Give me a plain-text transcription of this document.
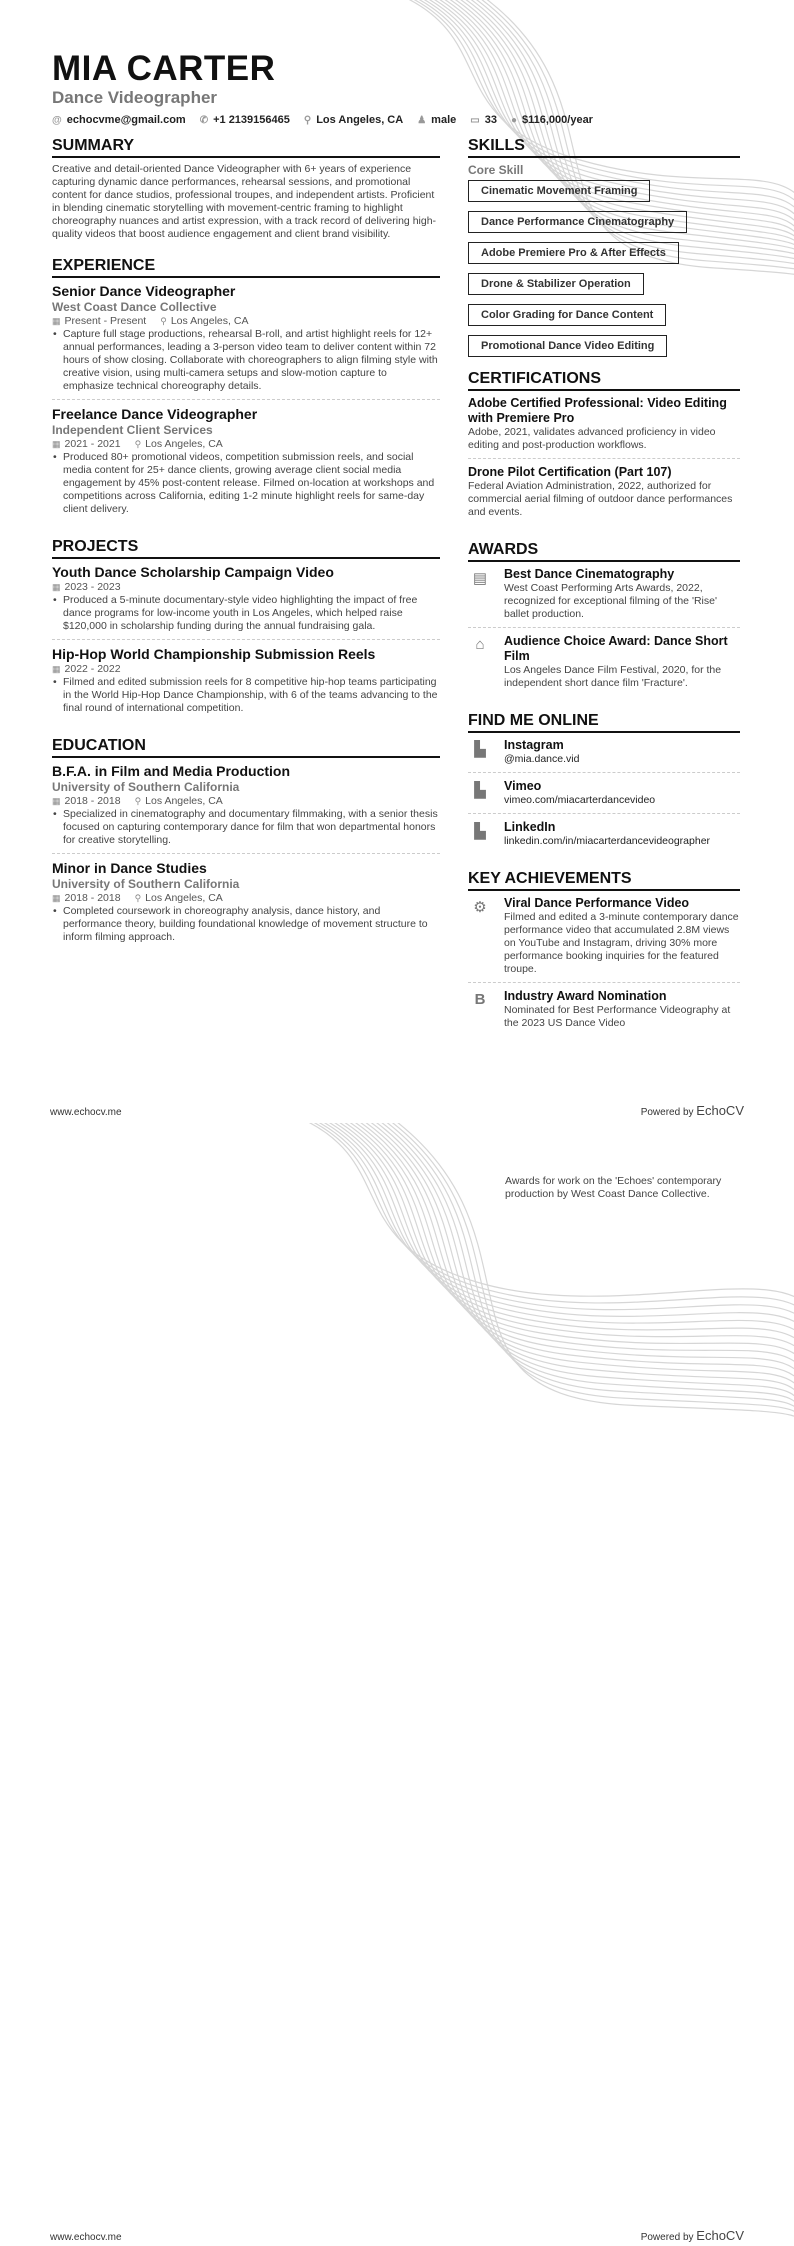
MIA CARTER
Dance Videographer
@ echocvme@gmail.com ✆ +1 2139156465 ⚲ Los Angeles, CA ♟ male ▭ 33 ● $116,000/year
SUMMARY

Creative and detail-oriented Dance Videographer with 6+ years of experience capturing dynamic dance performances, rehearsal sessions, and promotional content for dance studios, professional troupes, and independent artists. Proficient in blending cinematic storytelling with movement-centric framing to highlight choreography nuances and artist expression, with a track record of delivering high-quality videos that boost audience engagement and client brand visibility.

EXPERIENCE
Senior Dance Videographer
West Coast Dance Collective
▦ Present - Present ⚲ Los Angeles, CA
• Capture full stage productions, rehearsal B-roll, and artist highlight reels for 12+ annual performances, leading a 3-person video team to deliver content within 72 hours of show closing. Collaborate with choreographers to align filming style with creative vision, using multi-camera setups and slow-motion capture to emphasize technical choreography details.
Freelance Dance Videographer
Independent Client Services
▦ 2021 - 2021 ⚲ Los Angeles, CA
• Produced 80+ promotional videos, competition submission reels, and social media content for 25+ dance clients, growing average client social media engagement by 45% post-content release. Filmed on-location at workshops and competitions across California, editing 1-2 minute highlight reels for same-day client delivery.
PROJECTS
Youth Dance Scholarship Campaign Video
▦ 2023 - 2023
• Produced a 5-minute documentary-style video highlighting the impact of free dance programs for low-income youth in Los Angeles, which helped raise $120,000 in scholarship funding during the annual fundraising gala.
Hip-Hop World Championship Submission Reels
▦ 2022 - 2022
• Filmed and edited submission reels for 8 competitive hip-hop teams participating in the World Hip-Hop Dance Championship, with 6 of the teams advancing to the final round of international competition.
EDUCATION
B.F.A. in Film and Media Production
University of Southern California
▦ 2018 - 2018 ⚲ Los Angeles, CA
• Specialized in cinematography and documentary filmmaking, with a senior thesis focused on capturing contemporary dance for film that won departmental honors for creative storytelling.
Minor in Dance Studies
University of Southern California
▦ 2018 - 2018 ⚲ Los Angeles, CA
• Completed coursework in choreography analysis, dance history, and performance theory, building foundational knowledge of movement structure to inform filming approach.
SKILLS
Core Skill
Cinematic Movement Framing
Dance Performance Cinematography
Adobe Premiere Pro & After Effects
Drone & Stabilizer Operation
Color Grading for Dance Content
Promotional Dance Video Editing

CERTIFICATIONS
Adobe Certified Professional: Video Editing with Premiere Pro

Adobe, 2021, validates advanced proficiency in video editing and post-production workflows.

Drone Pilot Certification (Part 107)

Federal Aviation Administration, 2022, authorized for commercial aerial filming of outdoor dance performances and events.

AWARDS
▤	Best Dance Cinematography

West Coast Performing Arts Awards, 2022, recognized for exceptional filming of the 'Rise' ballet production.

⌂	Audience Choice Award: Dance Short Film

Los Angeles Dance Film Festival, 2020, for the independent short dance film 'Fracture'.

FIND ME ONLINE
▙	Instagram

@mia.dance.vid

▙	Vimeo

vimeo.com/miacarterdancevideo

▙	LinkedIn

linkedin.com/in/miacarterdancevideographer

KEY ACHIEVEMENTS
⚙	Viral Dance Performance Video

Filmed and edited a 3-minute contemporary dance performance video that accumulated 2.8M views on YouTube and Instagram, driving 30% more performance booking inquiries for the featured troupe.

B	Industry Award Nomination

Nominated for Best Performance Videography at the 2023 US Dance Video

www.echocv.me	Powered by EchoCV
Awards for work on the 'Echoes' contemporary production by West Coast Dance Collective.
www.echocv.me	Powered by EchoCV
